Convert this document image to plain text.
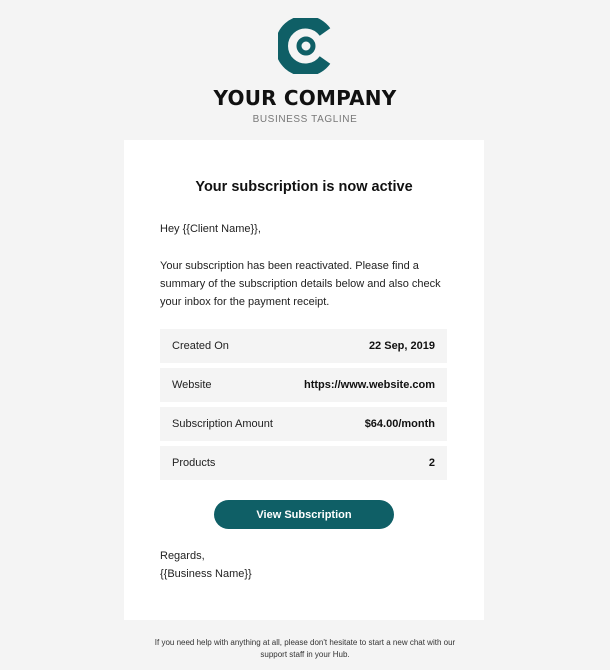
YOUR COMPANY
BUSINESS TAGLINE
Your subscription is now active
Hey {{Client Name}},
Your subscription has been reactivated. Please find a
summary of the subscription details below and also check
your inbox for the payment receipt.
Created On	22 Sep, 2019
Website	https://www.website.com
Subscription Amount	$64.00/month
Products	2
View Subscription
Regards,
{{Business Name}}
If you need help with anything at all, please don't hesitate to start a new chat with our
support staff in your Hub.
